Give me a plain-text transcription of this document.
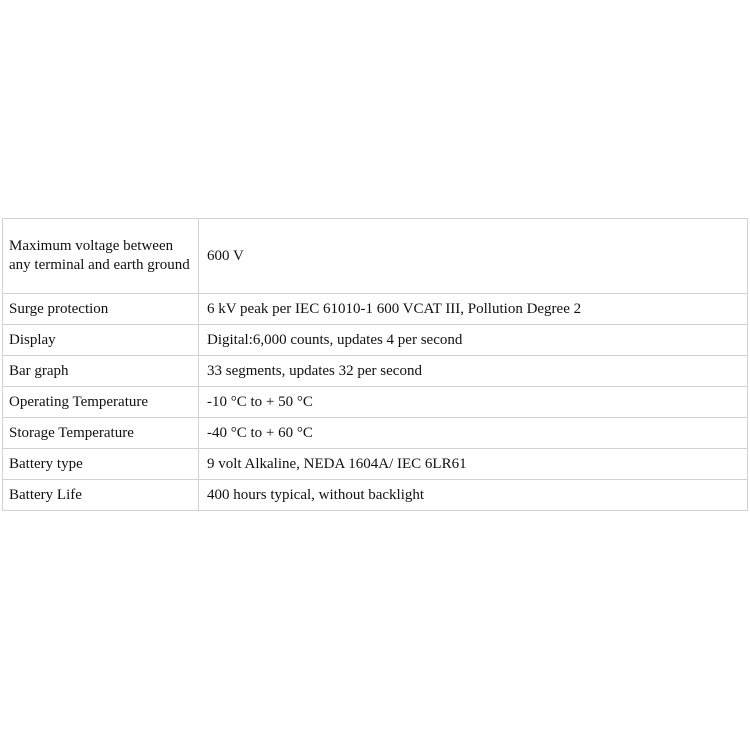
Maximum voltage between any terminal and earth ground	600 V
Surge protection	6 kV peak per IEC 61010-1 600 VCAT III, Pollution Degree 2
Display	Digital:6,000 counts, updates 4 per second
Bar graph	33 segments, updates 32 per second
Operating Temperature	-10 °C to + 50 °C
Storage Temperature	-40 °C to + 60 °C
Battery type	9 volt Alkaline, NEDA 1604A/ IEC 6LR61
Battery Life	400 hours typical, without backlight
